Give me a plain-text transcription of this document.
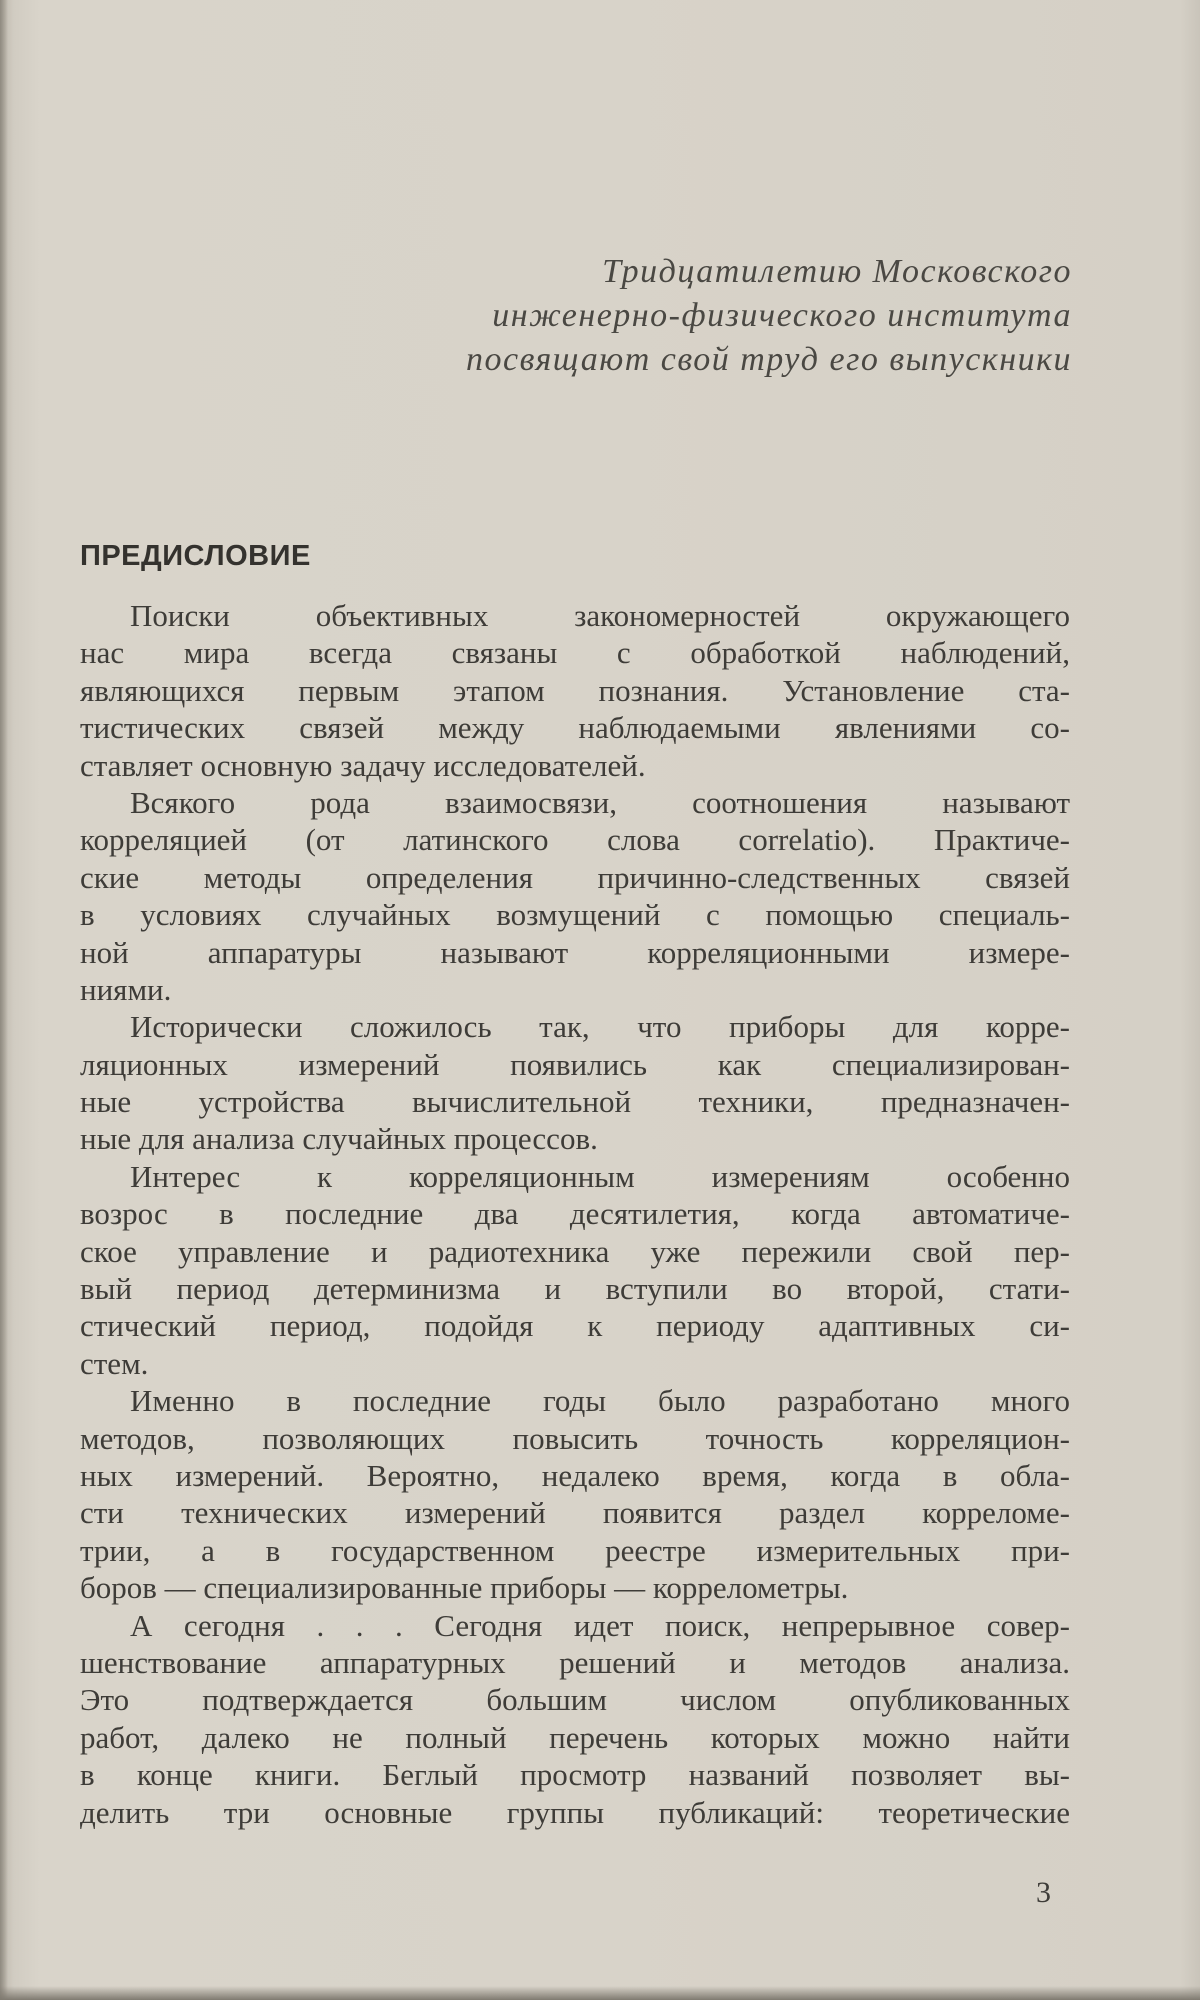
Тридцатилетию Московского
инженерно-физического института
посвящают свой труд его выпускники
ПРЕДИСЛОВИЕ
Поиски объективных закономерностей окружающего
нас мира всегда связаны с обработкой наблюдений,
являющихся первым этапом познания. Установление ста-
тистических связей между наблюдаемыми явлениями со-
ставляет основную задачу исследователей.
Всякого рода взаимосвязи, соотношения называют
корреляцией (от латинского слова correlatio). Практиче-
ские методы определения причинно-следственных связей
в условиях случайных возмущений с помощью специаль-
ной аппаратуры называют корреляционными измере-
ниями.
Исторически сложилось так, что приборы для корре-
ляционных измерений появились как специализирован-
ные устройства вычислительной техники, предназначен-
ные для анализа случайных процессов.
Интерес к корреляционным измерениям особенно
возрос в последние два десятилетия, когда автоматиче-
ское управление и радиотехника уже пережили свой пер-
вый период детерминизма и вступили во второй, стати-
стический период, подойдя к периоду адаптивных си-
стем.
Именно в последние годы было разработано много
методов, позволяющих повысить точность корреляцион-
ных измерений. Вероятно, недалеко время, когда в обла-
сти технических измерений появится раздел корреломе-
трии, а в государственном реестре измерительных при-
боров — специализированные приборы — коррелометры.
А сегодня . . . Сегодня идет поиск, непрерывное совер-
шенствование аппаратурных решений и методов анализа.
Это подтверждается большим числом опубликованных
работ, далеко не полный перечень которых можно найти
в конце книги. Беглый просмотр названий позволяет вы-
делить три основные группы публикаций: теоретические
3
